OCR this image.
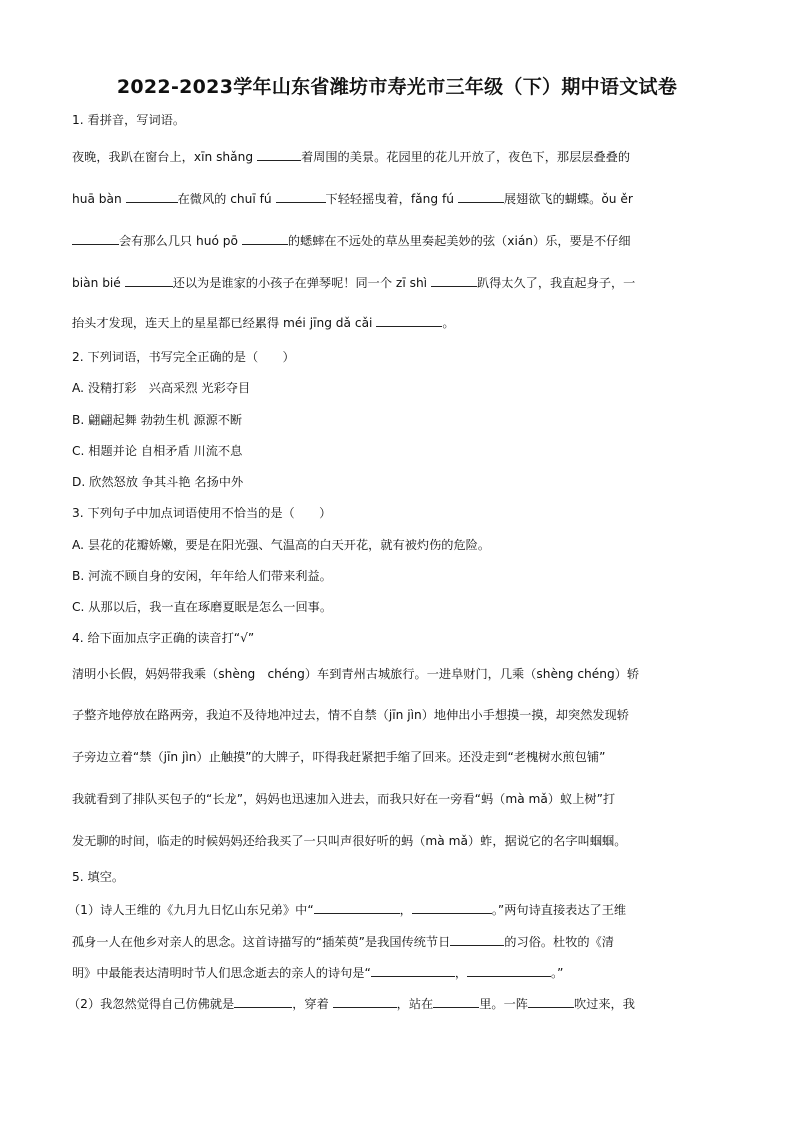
2022-2023学年山东省潍坊市寿光市三年级（下）期中语文试卷
1. 看拼音，写词语。
夜晚，我趴在窗台上，xīn shǎng	着周围的美景。花园里的花儿开放了，夜色下，那层层叠叠的
huā bàn	在微风的 chuī fú	下轻轻摇曳着，fǎng fú	展翅欲飞的蝴蝶。ǒu ěr
会有那么几只 huó pō	的蟋蟀在不远处的草丛里奏起美妙的弦（xián）乐，要是不仔细
biàn bié	还以为是谁家的小孩子在弹琴呢！同一个 zī shì	趴得太久了，我直起身子，一
抬头才发现，连天上的星星都已经累得 méi jīng dǎ cǎi	。
2. 下列词语，书写完全正确的是（　　）
A. 没精打彩　兴高采烈 光彩夺目
B. 翩翩起舞 勃勃生机 源源不断
C. 相题并论 自相矛盾 川流不息
D. 欣然怒放 争其斗艳 名扬中外
3. 下列句子中加点词语使用不恰当的是（　　）
A. 昙花的花瓣娇嫩，要是在阳光强、气温高的白天开花，就有被灼伤的危险。
B. 河流不顾自身的安闲，年年给人们带来利益。
C. 从那以后，我一直在琢磨夏眠是怎么一回事。
4. 给下面加点字正确的读音打“√”
清明小长假，妈妈带我乘（shèng　chéng）车到青州古城旅行。一进阜财门，几乘（shèng chéng）轿
子整齐地停放在路两旁，我迫不及待地冲过去，情不自禁（jīn jìn）地伸出小手想摸一摸，却突然发现轿
子旁边立着“禁（jīn jìn）止触摸”的大牌子，吓得我赶紧把手缩了回来。还没走到“老槐树水煎包铺”
我就看到了排队买包子的“长龙”，妈妈也迅速加入进去，而我只好在一旁看“蚂（mà mǎ）蚁上树”打
发无聊的时间，临走的时候妈妈还给我买了一只叫声很好听的蚂（mà mǎ）蚱，据说它的名字叫蝈蝈。
5. 填空。
（1）诗人王维的《九月九日忆山东兄弟》中“	，	。”两句诗直接表达了王维
孤身一人在他乡对亲人的思念。这首诗描写的“插茱萸”是我国传统节日	的习俗。杜牧的《清
明》中最能表达清明时节人们思念逝去的亲人的诗句是“	，	。”
（2）我忽然觉得自己仿佛就是	，穿着	，站在	里。一阵	吹过来，我
